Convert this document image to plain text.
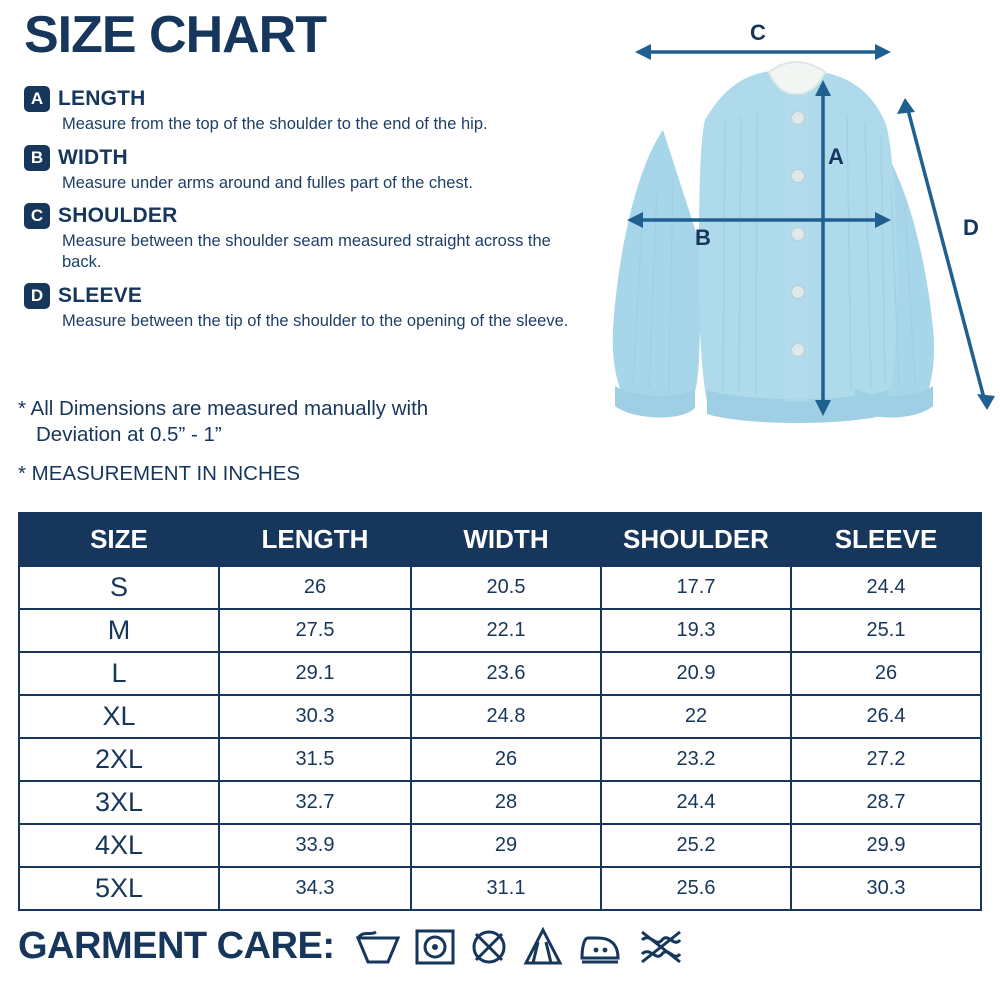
SIZE CHART
A LENGTH
Measure from the top of the shoulder to the end of the hip.
B WIDTH
Measure under arms around and fulles part of the chest.
C SHOULDER
Measure between the shoulder seam measured straight across the back.
D SLEEVE
Measure between the tip of the shoulder to the opening of the sleeve.
* All Dimensions are measured manually with
Deviation at 0.5” - 1”
* MEASUREMENT IN INCHES
C
A
B	D
SIZE	LENGTH	WIDTH	SHOULDER	SLEEVE
S	26	20.5	17.7	24.4
M	27.5	22.1	19.3	25.1
L	29.1	23.6	20.9	26
XL	30.3	24.8	22	26.4
2XL	31.5	26	23.2	27.2
3XL	32.7	28	24.4	28.7
4XL	33.9	29	25.2	29.9
5XL	34.3	31.1	25.6	30.3
GARMENT CARE:
